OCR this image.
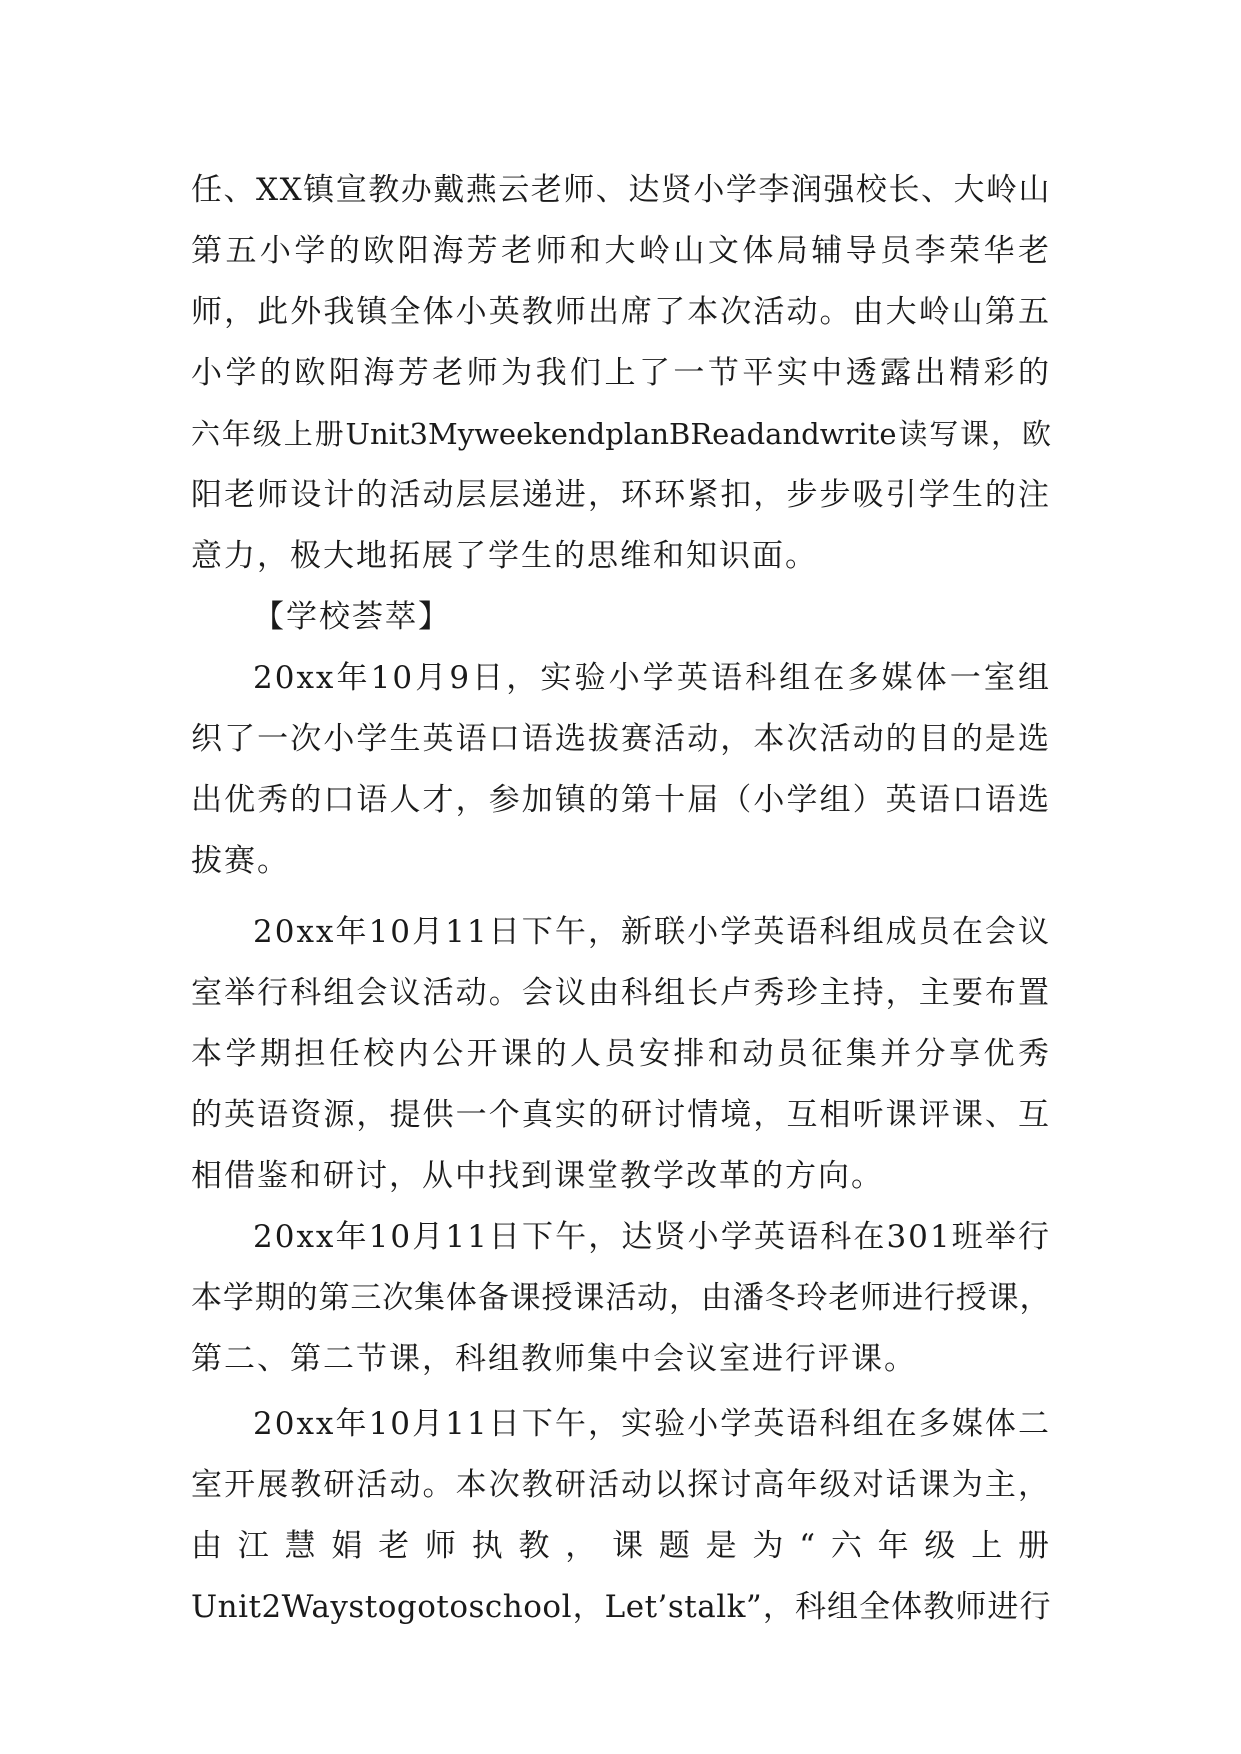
任、XX镇宣教办戴燕云老师、达贤小学李润强校长、大岭山
第五小学的欧阳海芳老师和大岭山文体局辅导员李荣华老
师，此外我镇全体小英教师出席了本次活动。由大岭山第五
小学的欧阳海芳老师为我们上了一节平实中透露出精彩的
六年级上册Unit3MyweekendplanBReadandwrite读写课，欧
阳老师设计的活动层层递进，环环紧扣，步步吸引学生的注
意力，极大地拓展了学生的思维和知识面。
【学校荟萃】
20xx年10月9日，实验小学英语科组在多媒体一室组
织了一次小学生英语口语选拔赛活动，本次活动的目的是选
出优秀的口语人才，参加镇的第十届（小学组）英语口语选
拔赛。
20xx年10月11日下午，新联小学英语科组成员在会议
室举行科组会议活动。会议由科组长卢秀珍主持，主要布置
本学期担任校内公开课的人员安排和动员征集并分享优秀
的英语资源，提供一个真实的研讨情境，互相听课评课、互
相借鉴和研讨，从中找到课堂教学改革的方向。
20xx年10月11日下午，达贤小学英语科在301班举行
本学期的第三次集体备课授课活动，由潘冬玲老师进行授课，
第二、第二节课，科组教师集中会议室进行评课。
20xx年10月11日下午，实验小学英语科组在多媒体二
室开展教研活动。本次教研活动以探讨高年级对话课为主，
由江慧娟老师执教，课题是为“六年级上册
Unit2Waystogotoschool，Let’stalk”，科组全体教师进行
